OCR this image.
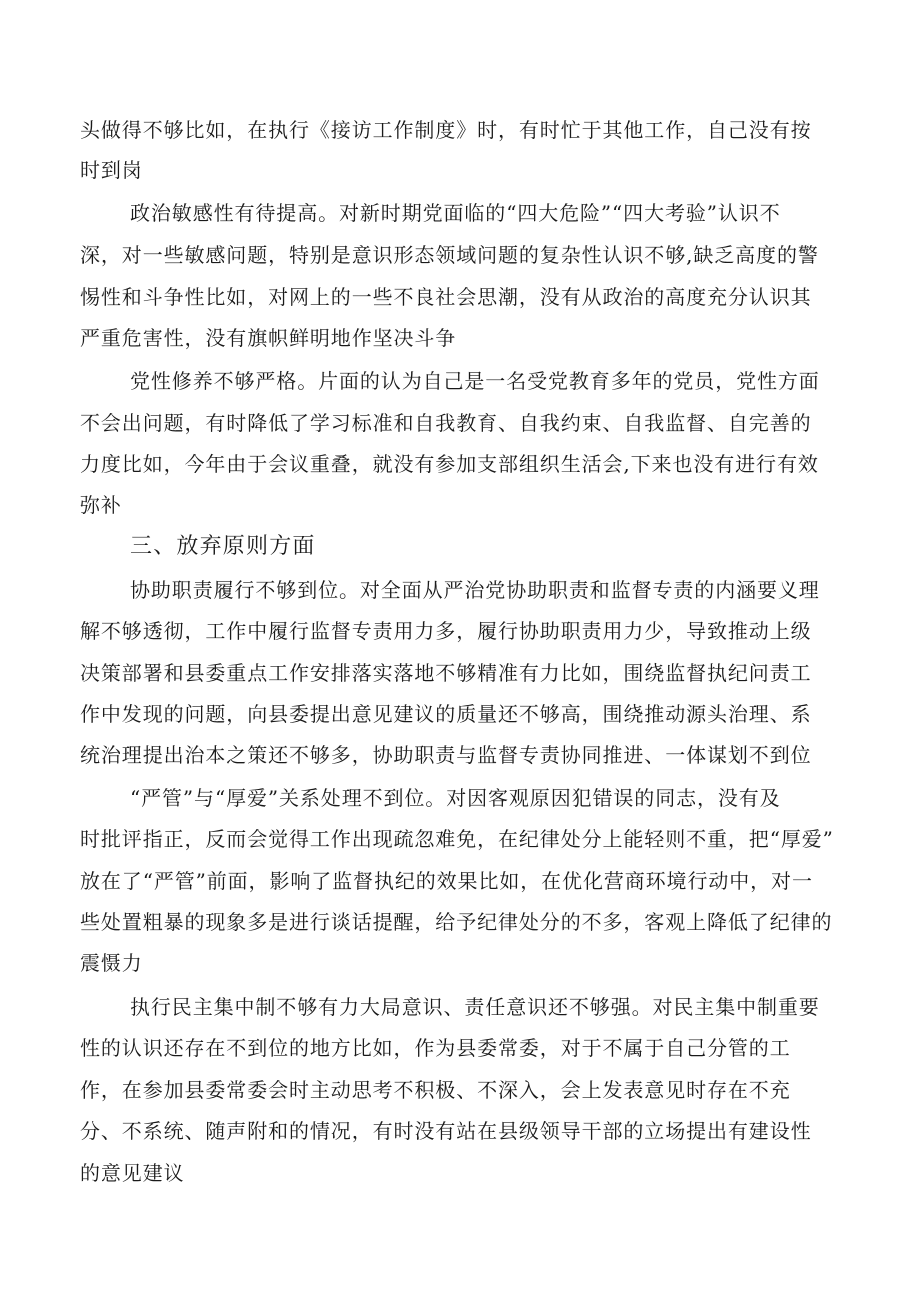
头做得不够比如，在执行《接访工作制度》时，有时忙于其他工作，自己没有按
时到岗
政治敏感性有待提高。对新时期党面临的“四大危险”“四大考验”认识不
深，对一些敏感问题，特别是意识形态领域问题的复杂性认识不够,缺乏高度的警
惕性和斗争性比如，对网上的一些不良社会思潮，没有从政治的高度充分认识其
严重危害性，没有旗帜鲜明地作坚决斗争
党性修养不够严格。片面的认为自己是一名受党教育多年的党员，党性方面
不会出问题，有时降低了学习标准和自我教育、自我约束、自我监督、自完善的
力度比如，今年由于会议重叠，就没有参加支部组织生活会,下来也没有进行有效
弥补
三、放弃原则方面
协助职责履行不够到位。对全面从严治党协助职责和监督专责的内涵要义理
解不够透彻，工作中履行监督专责用力多，履行协助职责用力少，导致推动上级
决策部署和县委重点工作安排落实落地不够精准有力比如，围绕监督执纪问责工
作中发现的问题，向县委提出意见建议的质量还不够高，围绕推动源头治理、系
统治理提出治本之策还不够多，协助职责与监督专责协同推进、一体谋划不到位
“严管”与“厚爱”关系处理不到位。对因客观原因犯错误的同志，没有及
时批评指正，反而会觉得工作出现疏忽难免，在纪律处分上能轻则不重，把“厚爱”
放在了“严管”前面，影响了监督执纪的效果比如，在优化营商环境行动中，对一
些处置粗暴的现象多是进行谈话提醒，给予纪律处分的不多，客观上降低了纪律的
震慑力
执行民主集中制不够有力大局意识、责任意识还不够强。对民主集中制重要
性的认识还存在不到位的地方比如，作为县委常委，对于不属于自己分管的工
作，在参加县委常委会时主动思考不积极、不深入，会上发表意见时存在不充
分、不系统、随声附和的情况，有时没有站在县级领导干部的立场提出有建设性
的意见建议
